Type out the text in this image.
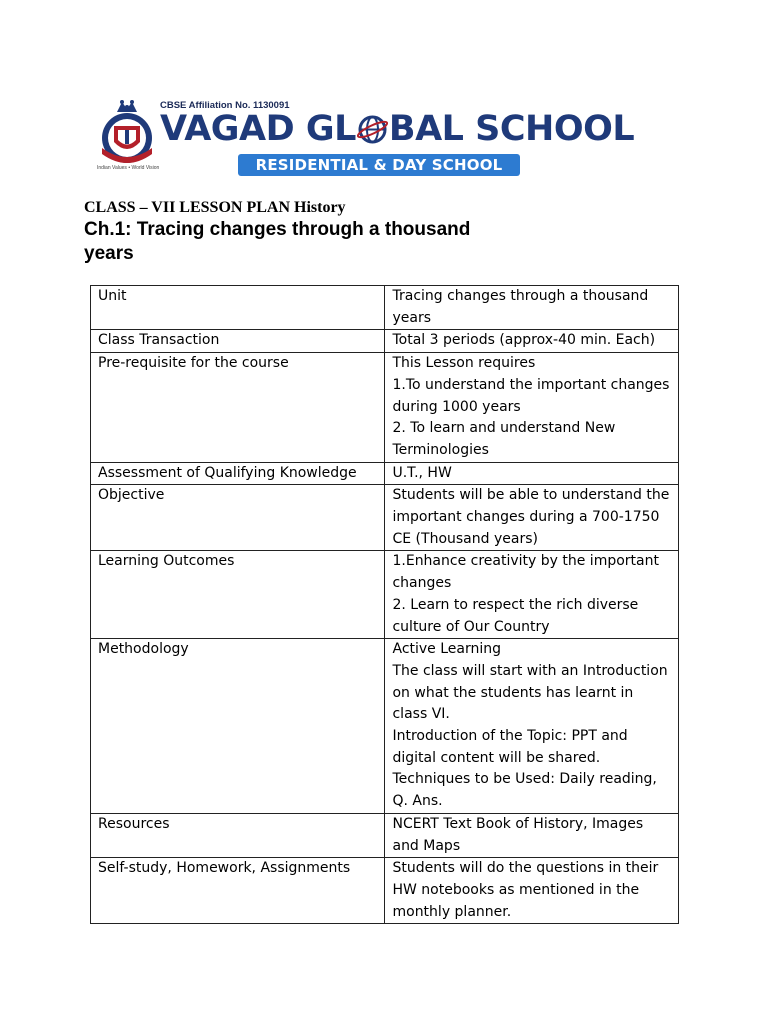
Indian Values • World Vision
CBSE Affiliation No. 1130091
VAGAD GL BAL SCHOOL
RESIDENTIAL & DAY SCHOOL
CLASS – VII LESSON PLAN History
Ch.1: Tracing changes through a thousand years
Unit	Tracing changes through a thousand years

Class Transaction	Total 3 periods (approx-40 min. Each)

Pre-requisite for the course	This Lesson requires
1.To understand the important changes during 1000 years
2. To learn and understand New Terminologies

Assessment of Qualifying Knowledge	U.T., HW

Objective	Students will be able to understand the important changes during a 700-1750 CE (Thousand years)

Learning Outcomes	1.Enhance creativity by the important changes
2. Learn to respect the rich diverse culture of Our Country

Methodology	Active Learning
The class will start with an Introduction on what the students has learnt in class VI.
Introduction of the Topic: PPT and digital content will be shared.
Techniques to be Used: Daily reading, Q. Ans.

Resources	NCERT Text Book of History, Images and Maps

Self-study, Homework, Assignments	Students will do the questions in their HW notebooks as mentioned in the monthly planner.
